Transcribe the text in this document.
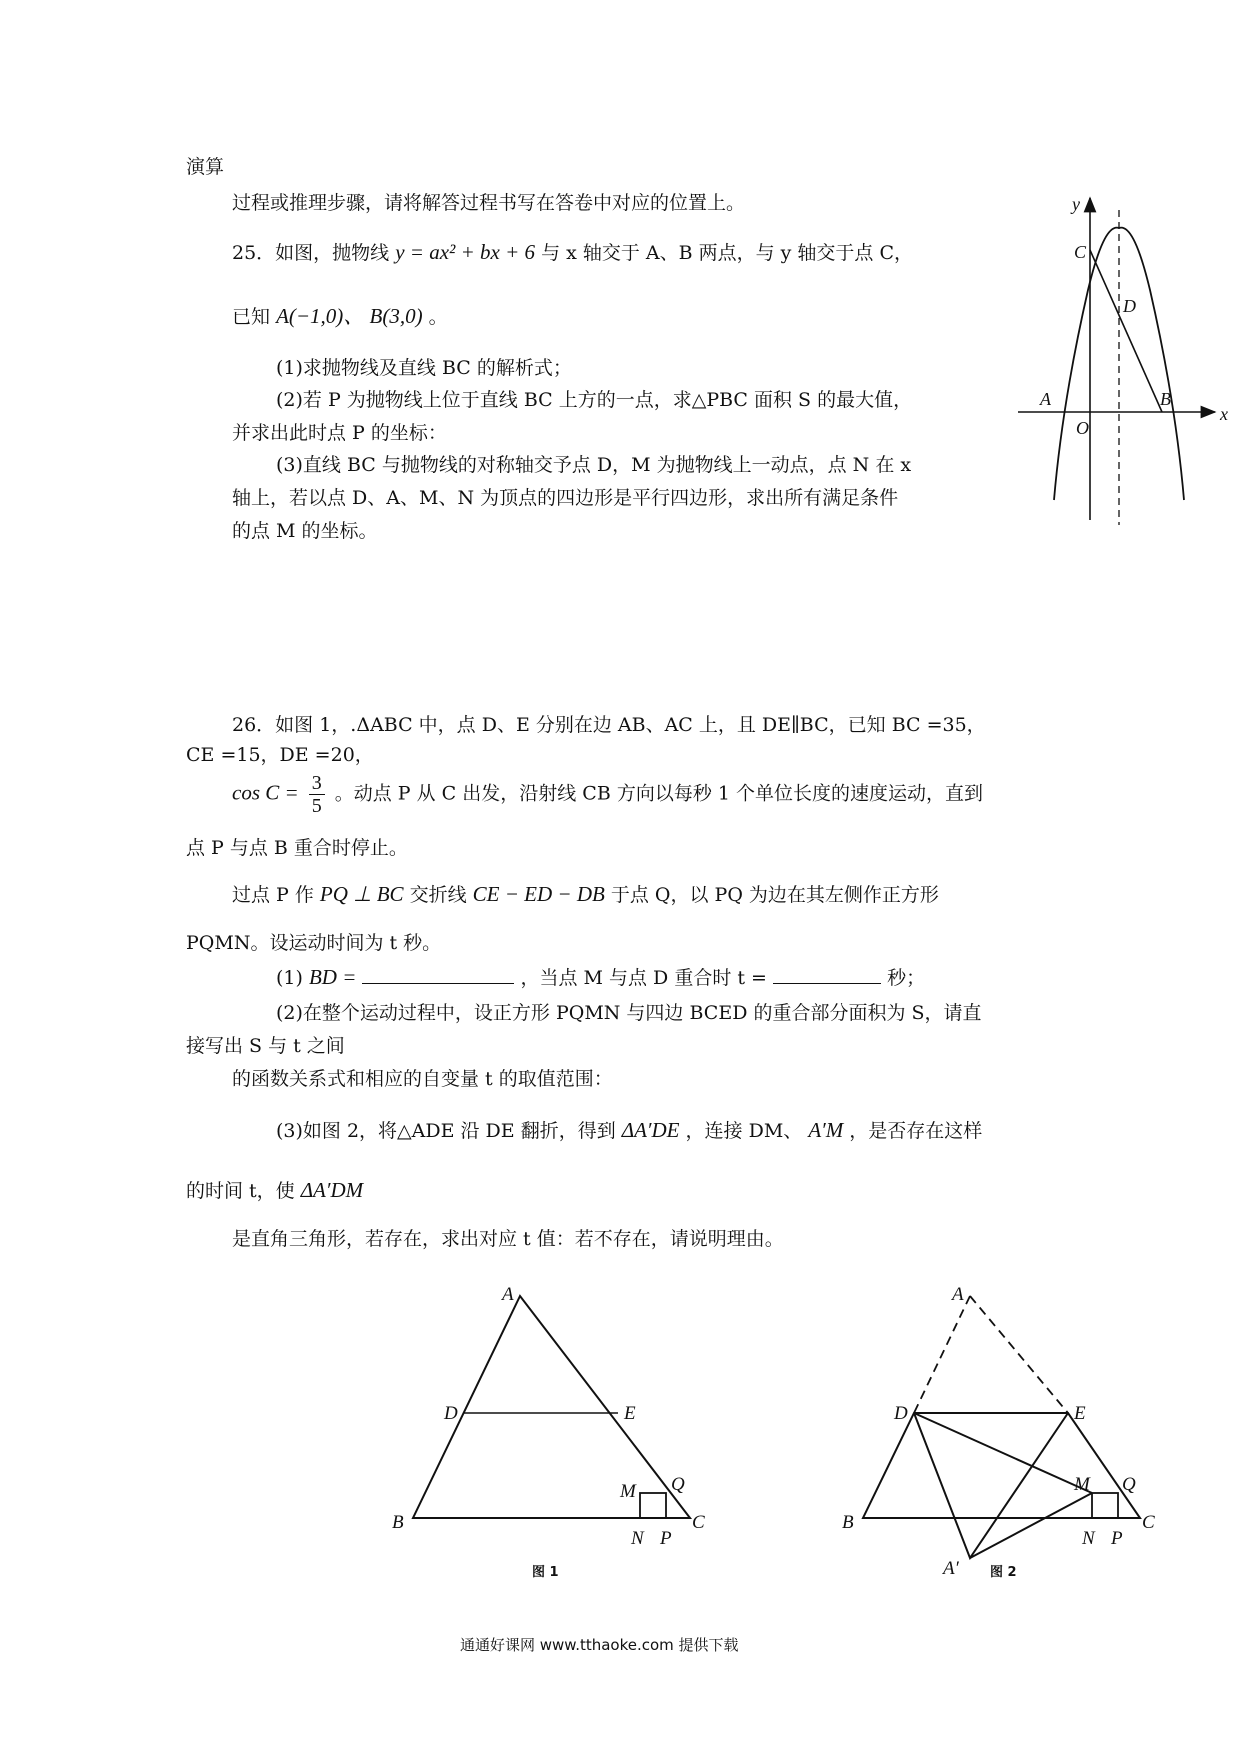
演算
过程或推理步骤，请将解答过程书写在答卷中对应的位置上。
25．如图，抛物线 y = ax² + bx + 6 与 x 轴交于 A、B 两点，与 y 轴交于点 C，
已知 A(−1,0)、 B(3,0) 。
(1)求抛物线及直线 BC 的解析式；
(2)若 P 为抛物线上位于直线 BC 上方的一点，求△PBC 面积 S 的最大值，
并求出此时点 P 的坐标：
(3)直线 BC 与抛物线的对称轴交予点 D，M 为抛物线上一动点，点 N 在 x
轴上，若以点 D、A、M、N 为顶点的四边形是平行四边形，求出所有满足条件
的点 M 的坐标。
y
x
C
D
A
O
B
26．如图 1，.ΔABC 中，点 D、E 分别在边 AB、AC 上，且 DE∥BC，已知 BC =35，
CE =15，DE =20，
$\cos C = \frac{3}{5}$ 。动点 P 从 C 出发，沿射线 CB 方向以每秒 1 个单位长度的速度运动，直到
点 P 与点 B 重合时停止。
过点 P 作 PQ ⊥ BC 交折线 CE − ED − DB 于点 Q，以 PQ 为边在其左侧作正方形
PQMN。设运动时间为 t 秒。
(1) BD =	，当点 M 与点 D 重合时 t =	秒；
(2)在整个运动过程中，设正方形 PQMN 与四边 BCED 的重合部分面积为 S，请直
接写出 S 与 t 之间
的函数关系式和相应的自变量 t 的取值范围：
(3)如图 2，将△ADE 沿 DE 翻折，得到 ΔA′DE ，连接 DM、 A′M ，是否存在这样
的时间 t，使 ΔA′DM
是直角三角形，若存在，求出对应 t 值：若不存在，请说明理由。
A
D	E
M Q
B
N P
C
图 1
A
D	E
M Q
B
N P
C
A′ 图 2
通通好课网 www.tthaoke.com 提供下载
